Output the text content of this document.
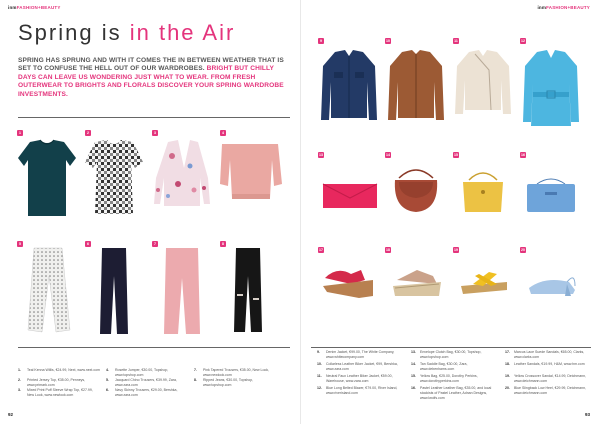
inmFASHION+BEAUTY
Spring is in the Air
SPRING HAS SPRUNG AND WITH IT COMES THE IN BETWEEN WEATHER THAT IS SET TO CONFUSE THE HELL OUT OF OUR WARDROBES. BRIGHT BUT CHILLY DAYS CAN LEAVE US WONDERING JUST WHAT TO WEAR. FROM FRESH OUTERWEAR TO BRIGHTS AND FLORALS DISCOVER YOUR SPRING WARDROBE INVESTMENTS.
1	2	3	4
5	6	7	8
1. Teal Kenna Willis, €24.99, Next, www.next.com
2. Printed Jersey Top, €35.00, Penneys, www.primark.com
3. Mixed Print Puff Sleeve Wrap Top, €27.99, New Look, www.newlook.com
4. Rosette Jumper, €30.00, Topshop, www.topshop.com
5. Jacquard Chino Trousers, €39.99, Zara, www.zara.com
6. Navy Skinny Trousers, €29.00, Bershka, www.zara.com
7. Pink Tapered Trousers, €35.00, New Look, www.newlook.com
8. Ripped Jeans, €30.00, Topshop, www.topshop.com
92
inmFASHION+BEAUTY
9	10	11	12
13	14	15	16
17	18	19	20
9. Denim Jacket, €99.00, The White Company, www.whitecompany.com
10. Collarless Leather Biker Jacket, €99, Bershka, www.zara.com
11. Neutral Faux Leather Biker Jacket, €59.00, Warehouse, www.zara.com
12. Blue Long Belted Blazer, €79.00, River Island, www.riverisland.com
13. Envelope Clutch Bag, €30.00, Topshop, www.topshop.com
14. Tan Saddle Bag, €30.00, Zara, www.debenhams.com
15. Yellow Bag, €25.00, Dorothy Perkins, www.dorothyperkins.com
16. Pastel Leather Leather Bag, €35.00, and local stockists of Pastel Leather, Adnan Designs, www.lwolfs.com
17. Marcus Lace Suede Sandals, €65.00, Clarks, www.clarks.com
18. Leather Sandals, €19.99, H&M, www.hm.com
19. Yellow Crossover Sandal, €14.99, Deichmann, www.deichmann.com
20. Blue Slingback Low Heel, €29.99, Deichmann, www.deichmann.com
93
